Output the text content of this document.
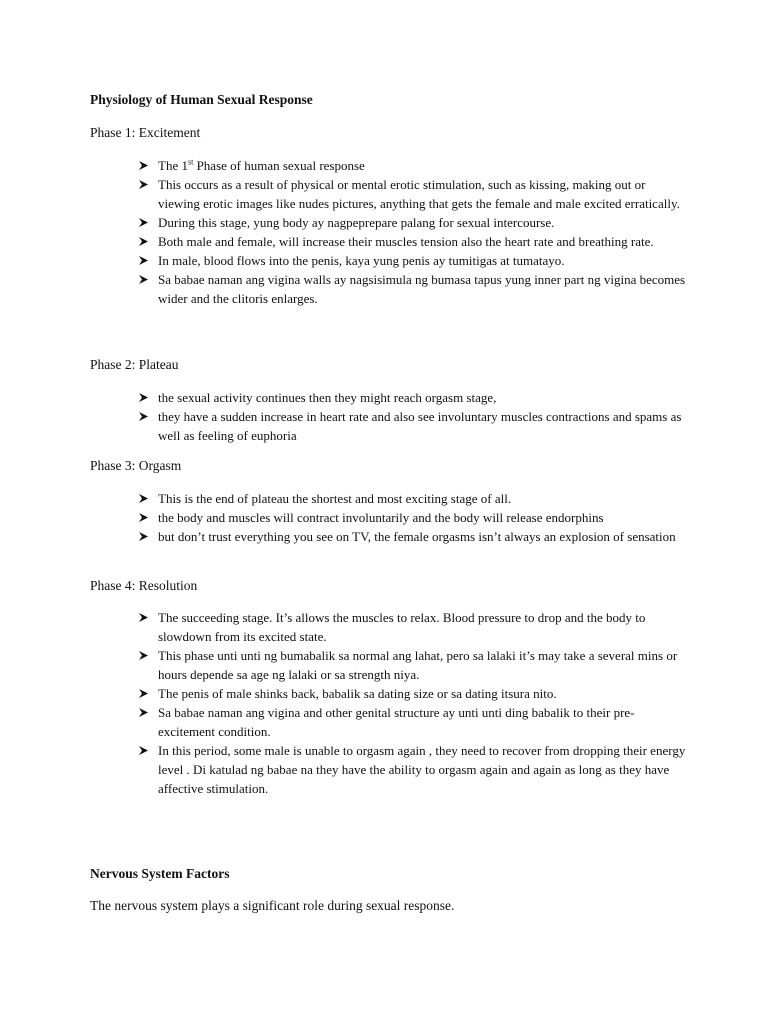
Physiology of Human Sexual Response
Phase 1: Excitement
The 1st Phase of human sexual response
This occurs as a result of physical or mental erotic stimulation, such as kissing, making out or viewing erotic images like nudes pictures, anything that gets the female and male excited erratically.
During this stage, yung body ay nagpeprepare palang for sexual intercourse.
Both male and female, will increase their muscles tension also the heart rate and breathing rate.
In male, blood flows into the penis, kaya yung penis ay tumitigas at tumatayo.
Sa babae naman ang vigina walls ay nagsisimula ng bumasa tapus yung inner part ng vigina becomes wider and the clitoris enlarges.
Phase 2: Plateau
the sexual activity continues then they might reach orgasm stage,
they have a sudden increase in heart rate and also see involuntary muscles contractions and spams as well as feeling of euphoria
Phase 3: Orgasm
This is the end of plateau the shortest and most exciting stage of all.
the body and muscles will contract involuntarily and the body will release endorphins
but don’t trust everything you see on TV, the female orgasms isn’t always an explosion of sensation
Phase 4: Resolution
The succeeding stage. It’s allows the muscles to relax. Blood pressure to drop and the body to slowdown from its excited state.
This phase unti unti ng bumabalik sa normal ang lahat, pero sa lalaki it’s may take a several mins or hours depende sa age ng lalaki or sa strength niya.
The penis of male shinks back, babalik sa dating size or sa dating itsura nito.
Sa babae naman ang vigina and other genital structure ay unti unti ding babalik to their pre-excitement condition.
In this period, some male is unable to orgasm again , they need to recover from dropping their energy level . Di katulad ng babae na they have the ability to orgasm again and again as long as they have affective stimulation.
Nervous System Factors
The nervous system plays a significant role during sexual response.
